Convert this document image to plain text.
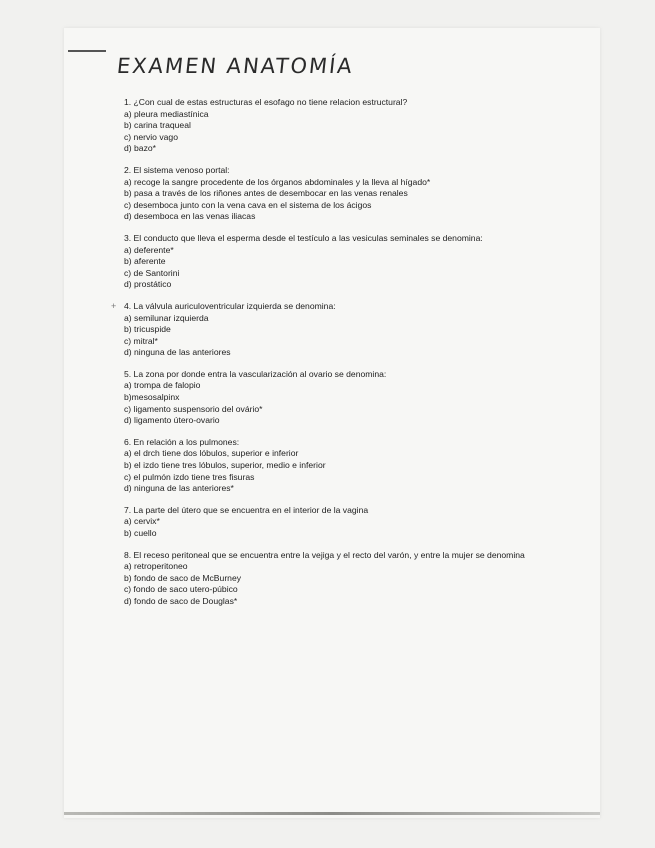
EXAMEN ANATOMÍA
1. ¿Con cual de estas estructuras el esofago no tiene relacion estructural?
a) pleura mediastínica
b) carina traqueal
c) nervio vago
d) bazo*
2. El sistema venoso portal:
a) recoge la sangre procedente de los órganos abdominales y la lleva al hígado*
b) pasa a través de los riñones antes de desembocar en las venas renales
c) desemboca junto con la vena cava en el sistema de los ácigos
d) desemboca en las venas iliacas
3. El conducto que lleva el esperma desde el testículo a las vesiculas seminales se denomina:
a) deferente*
b) aferente
c) de Santorini
d) prostático
+ 4. La válvula auriculoventricular izquierda se denomina:
a) semilunar izquierda
b) tricuspide
c) mitral*
d) ninguna de las anteriores
5. La zona por donde entra la vascularización al ovario se denomina:
a) trompa de falopio
b)mesosalpinx
c) ligamento suspensorio del ovário*
d) ligamento útero-ovario
6. En relación a los pulmones:
a) el drch tiene dos lóbulos, superior e inferior
b) el izdo tiene tres lóbulos, superior, medio e inferior
c) el pulmón izdo tiene tres fisuras
d) ninguna de las anteriores*
7. La parte del útero que se encuentra en el interior de la vagina
a) cervix*
b) cuello
8. El receso peritoneal que se encuentra entre la vejiga y el recto del varón, y entre la mujer se denomina
a) retroperitoneo
b) fondo de saco de McBurney
c) fondo de saco utero-púbico
d) fondo de saco de Douglas*
